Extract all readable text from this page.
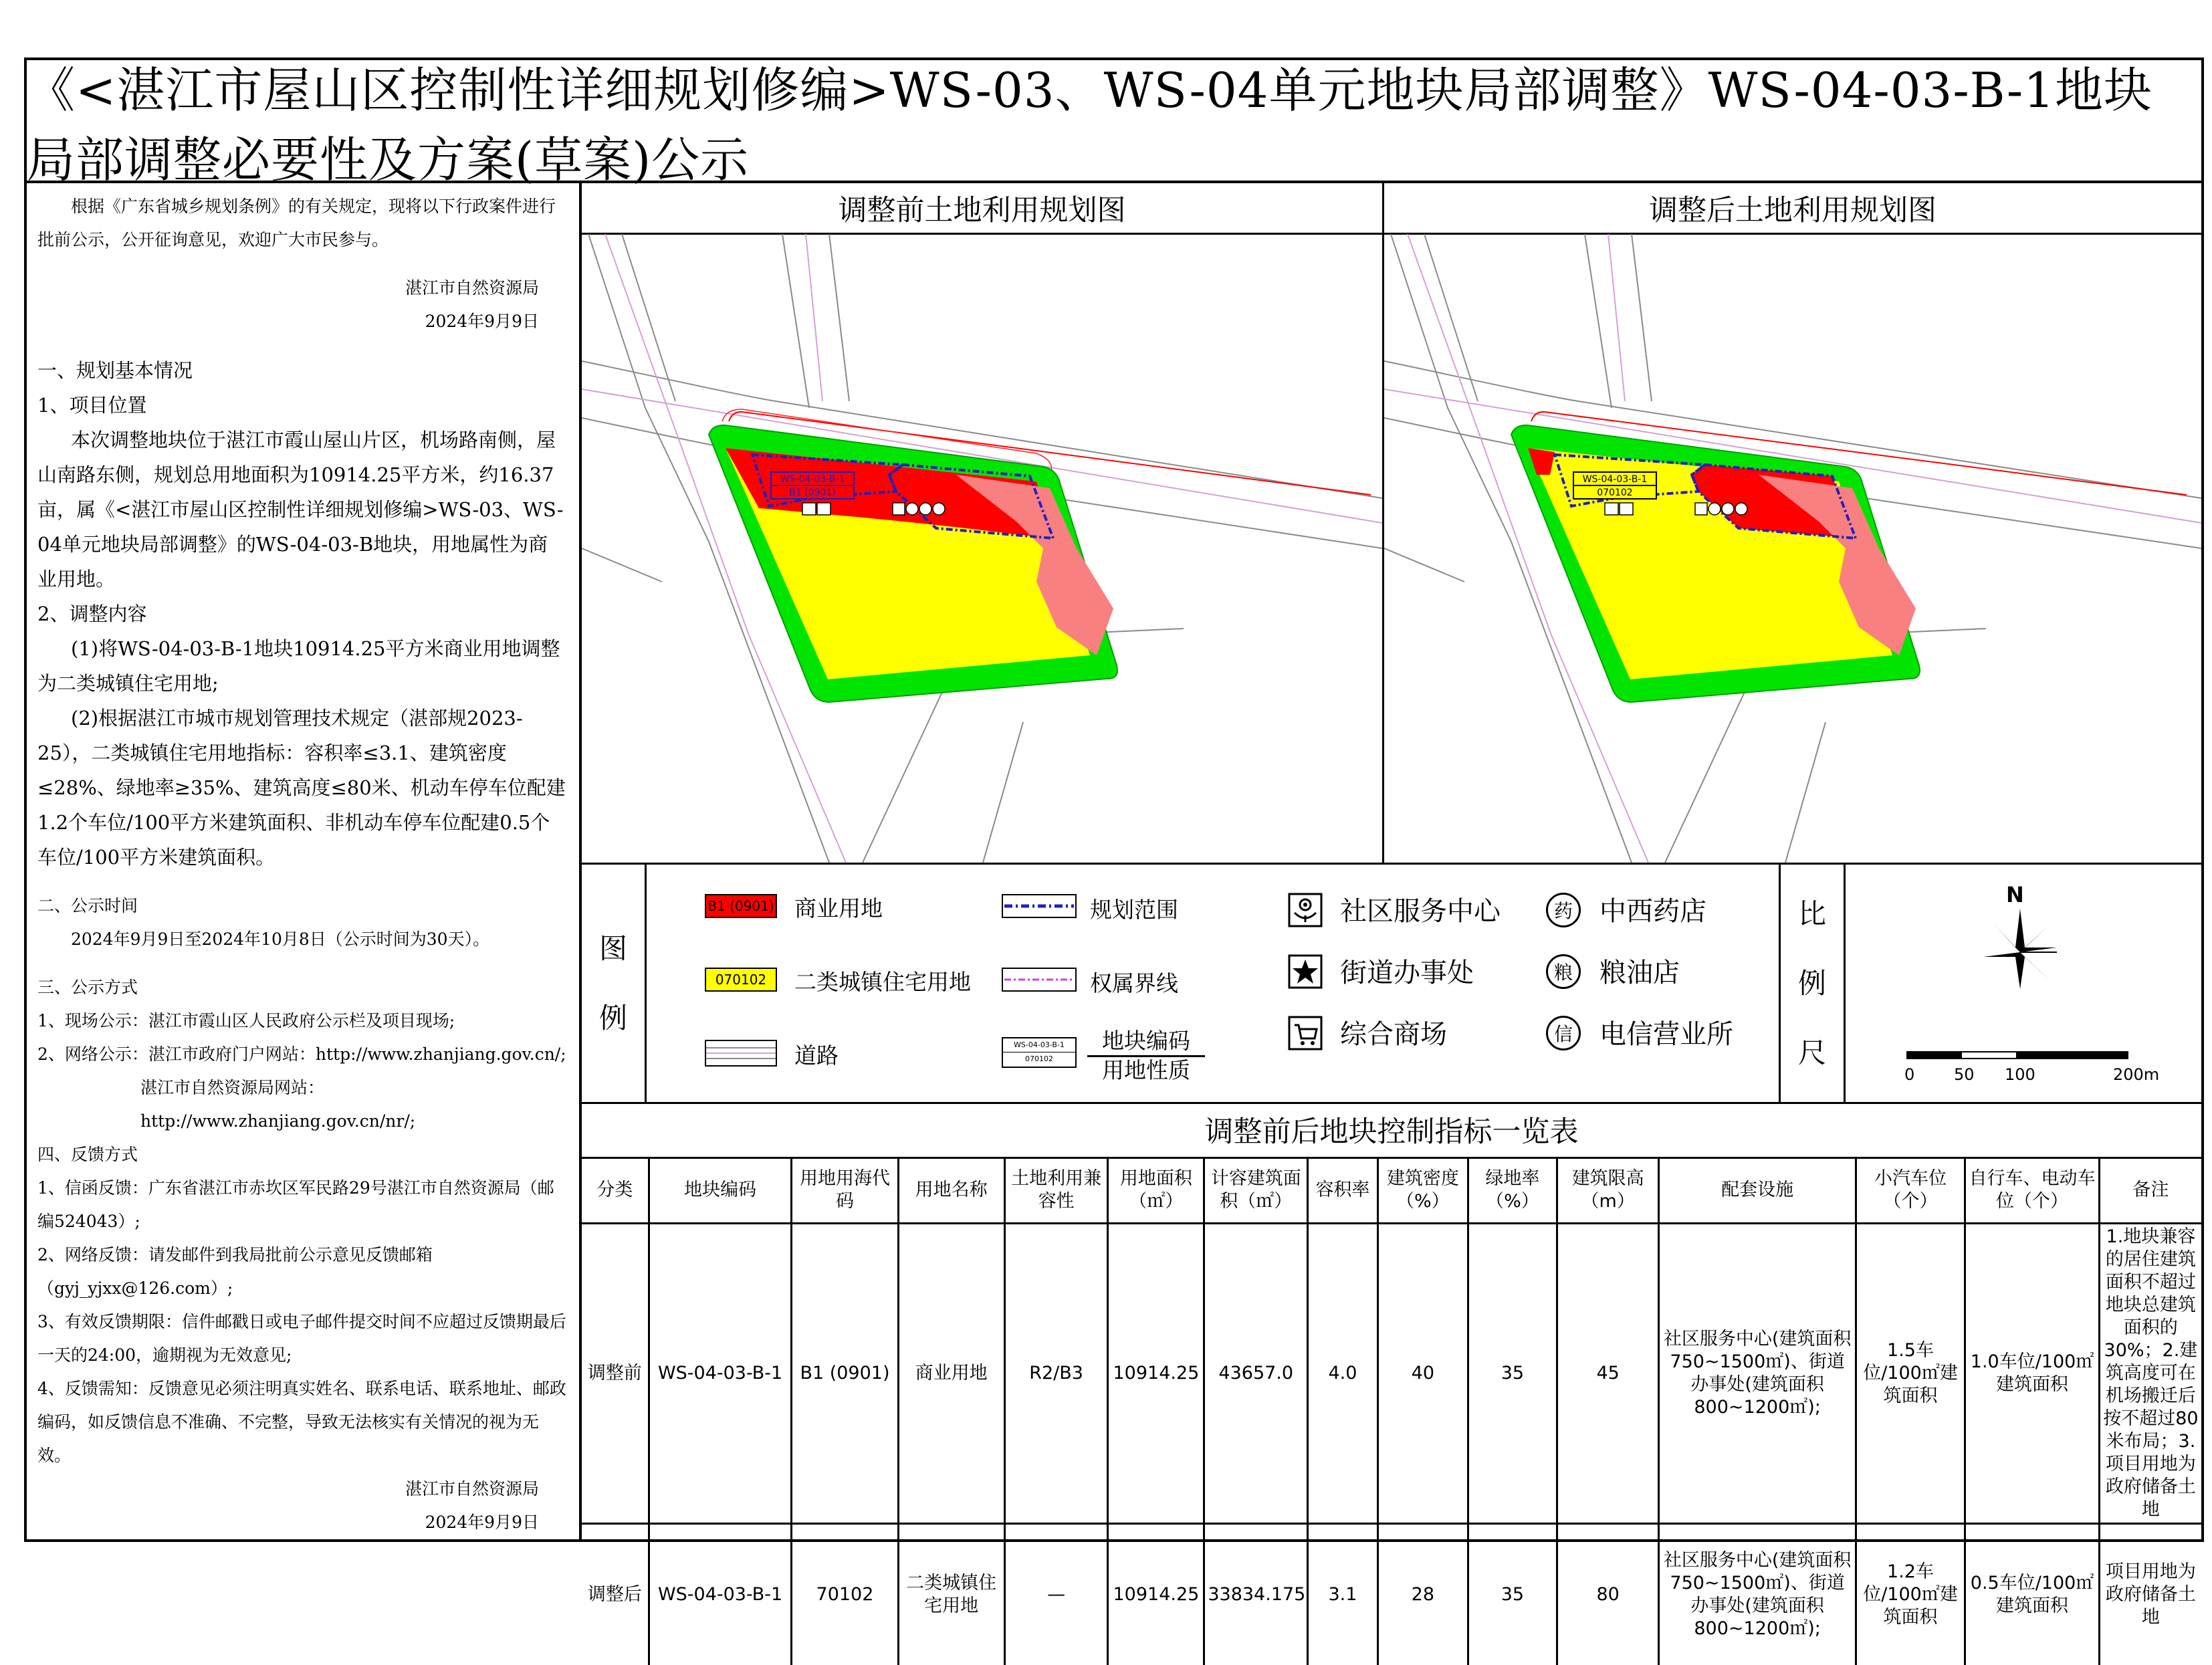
《<湛江市屋山区控制性详细规划修编>WS-03、WS-04单元地块局部调整》WS-04-03-B-1地块局部调整必要性及方案(草案)公示

根据《广东省城乡规划条例》的有关规定，现将以下行政案件进行批前公示，公开征询意见，欢迎广大市民参与。

湛江市自然资源局

2024年9月9日

一、规划基本情况

1、项目位置

本次调整地块位于湛江市霞山屋山片区，机场路南侧，屋山南路东侧，规划总用地面积为10914.25平方米，约16.37亩，属《<湛江市屋山区控制性详细规划修编>WS-03、WS-04单元地块局部调整》的WS-04-03-B地块，用地属性为商业用地。

2、调整内容

(1)将WS-04-03-B-1地块10914.25平方米商业用地调整为二类城镇住宅用地;

(2)根据湛江市城市规划管理技术规定（湛部规2023-25），二类城镇住宅用地指标：容积率≤3.1、建筑密度≤28%、绿地率≥35%、建筑高度≤80米、机动车停车位配建1.2个车位/100平方米建筑面积、非机动车停车位配建0.5个车位/100平方米建筑面积。

二、公示时间

2024年9月9日至2024年10月8日（公示时间为30天）。

三、公示方式

1、现场公示：湛江市霞山区人民政府公示栏及项目现场;

2、网络公示：湛江市政府门户网站：http://www.zhanjiang.gov.cn/;

湛江市自然资源局网站：http://www.zhanjiang.gov.cn/nr/;

四、反馈方式

1、信函反馈：广东省湛江市赤坎区军民路29号湛江市自然资源局（邮编524043）;

2、网络反馈：请发邮件到我局批前公示意见反馈邮箱（gyj_yjxx@126.com）;

3、有效反馈期限：信件邮戳日或电子邮件提交时间不应超过反馈期最后一天的24:00，逾期视为无效意见;

4、反馈需知：反馈意见必须注明真实姓名、联系电话、联系地址、邮政编码，如反馈信息不准确、不完整，导致无法核实有关情况的视为无效。

湛江市自然资源局

2024年9月9日

调整前土地利用规划图	调整后土地利用规划图
WS-04-03-B-1
B1 (0901)
WS-04-03-B-1
070102
图
例
B1 (0901) 商业用地
070102	二类城镇住宅用地
道路
规划范围
权属界线
WS-04-03-B-1
070102
地块编码
用地性质
社区服务中心
街道办事处
综合商场
药	中西药店
粮	粮油店
信	电信营业所
比
例
尺
N
0 50 100	200m
调整前后地块控制指标一览表
分类	地块编码	用地用海代码	用地名称	土地利用兼容性	用地面积（㎡）	计容建筑面积（㎡）	容积率	建筑密度（%）	绿地率（%）	建筑限高（m）	配套设施	小汽车位（个）	自行车、电动车位（个）	备注
调整前	WS-04-03-B-1	B1 (0901)	商业用地	R2/B3	10914.25	43657.0	4.0	40	35	45	社区服务中心(建筑面积750~1500㎡)、街道办事处(建筑面积800~1200㎡);	1.5车位/100㎡建筑面积	1.0车位/100㎡建筑面积	1.地块兼容的居住建筑面积不超过地块总建筑面积的30%；2.建筑高度可在机场搬迁后按不超过80米布局；3.项目用地为政府储备土地
调整后	WS-04-03-B-1	70102	二类城镇住宅用地	—	10914.25	33834.175	3.1	28	35	80	社区服务中心(建筑面积750~1500㎡)、街道办事处(建筑面积800~1200㎡);	1.2车位/100㎡建筑面积	0.5车位/100㎡建筑面积	项目用地为政府储备土地
